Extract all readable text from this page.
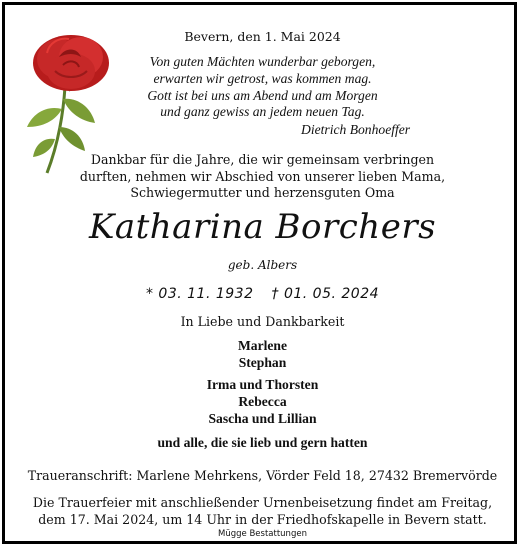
Bevern, den 1. Mai 2024

Von guten Mächten wunderbar geborgen,
erwarten wir getrost, was kommen mag.
Gott ist bei uns am Abend und am Morgen
und ganz gewiss an jedem neuen Tag.
Dietrich Bonhoeffer
Dankbar für die Jahre, die wir gemeinsam verbringen
durften, nehmen wir Abschied von unserer lieben Mama,
Schwiegermutter und herzensguten Oma

Katharina Borchers

geb. Albers

* 03. 11. 1932 † 01. 05. 2024

In Liebe und Dankbarkeit

Marlene
Stephan
Irma und Thorsten
Rebecca
Sascha und Lillian

und alle, die sie lieb und gern hatten

Traueranschrift: Marlene Mehrkens, Vörder Feld 18, 27432 Bremervörde

Die Trauerfeier mit anschließender Urnenbeisetzung findet am Freitag,
dem 17. Mai 2024, um 14 Uhr in der Friedhofskapelle in Bevern statt.

Mügge Bestattungen
